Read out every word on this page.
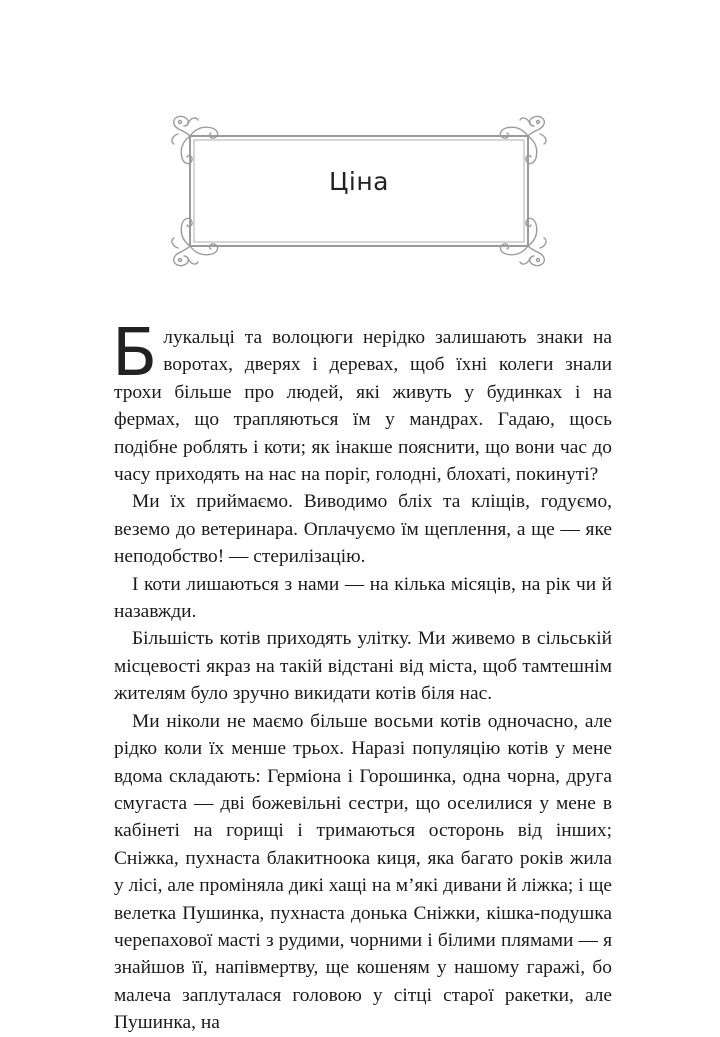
Ціна

Блукальці та волоцюги нерідко залишають знаки на воротах, дверях і деревах, щоб їхні колеги знали трохи більше про людей, які живуть у будинках і на фермах, що трапляються їм у мандрах. Гадаю, щось подібне роблять і коти; як інакше пояснити, що вони час до часу приходять на нас на поріг, голодні, блохаті, покинуті?

Ми їх приймаємо. Виводимо бліх та кліщів, годуємо, веземо до ветеринара. Оплачуємо їм щеплення, а ще — яке неподобство! — стерилізацію.

І коти лишаються з нами — на кілька місяців, на рік чи й назавжди.

Більшість котів приходять улітку. Ми живемо в сільській місцевості якраз на такій відстані від міста, щоб тамтешнім жителям було зручно викидати котів біля нас.

Ми ніколи не маємо більше восьми котів одночасно, але рідко коли їх менше трьох. Наразі популяцію котів у мене вдома складають: Герміона і Горошинка, одна чорна, друга смугаста — дві божевільні сестри, що оселилися у мене в кабінеті на горищі і тримаються осторонь від інших; Сніжка, пухнаста блакитноока киця, яка багато років жила у лісі, але проміняла дикі хащі на м’які дивани й ліжка; і ще велетка Пушинка, пухнаста донька Сніжки, кішка-подушка черепахової масті з рудими, чорними і білими плямами — я знайшов її, напівмертву, ще кошеням у нашому гаражі, бо малеча заплуталася головою у сітці старої ракетки, але Пушинка, на
